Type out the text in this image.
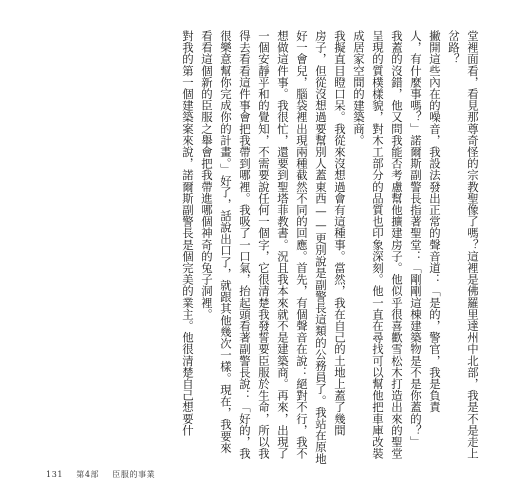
堂裡面看，看見那尊奇怪的宗教聖像了嗎？這裡是佛羅里達州中北部，我是不是走上
岔路？
撇開這些內在的噪音，我設法發出正常的聲音道：「是的，警官，我是負責
人，有什麼事嗎？」諾爾斯副警長指著聖堂：「剛剛這棟建築物是不是你蓋的？」
我蓋的沒錯，他又問我能否考慮幫他擴建房子。他似乎很喜歡雪松木打造出來的聖堂
呈現的質樸樣貌，對木工部分的品質也印象深刻。他一直在尋找可以幫他把車庫改裝
成居家空間的建築商。
我擬直目瞪口呆。我從來沒想過會有這種事。當然，我在自己的土地上蓋了幾間
房子，但從沒想過要幫別人蓋東西——更別說是副警長這類的公務員了。我站在原地
好一會兒，腦袋裡出現兩種截然不同的回應。首先，有個聲音在說：絕對不行，我不
想做這件事。我很忙，還要到聖塔菲教書。況且我本來就不是建築商。再來，出現了
一個安靜平和的覺知，不需要說任何一個字，它很清楚我發誓要臣服於生命，所以我
得去看看這件事會把我帶到哪裡。我吸了一口氣，抬起頭看著副警長說：「好的，我
很樂意幫你完成你的計畫。」好了，話說出口了，就跟其他幾次一樣。現在，我要來
看看這個新的臣服之舉會把我帶進哪個神奇的兔子洞裡。
對我的第一個建築案來說，諾爾斯副警長是個完美的業主。他很清楚自己想要什
131 第4部 臣服的事業
